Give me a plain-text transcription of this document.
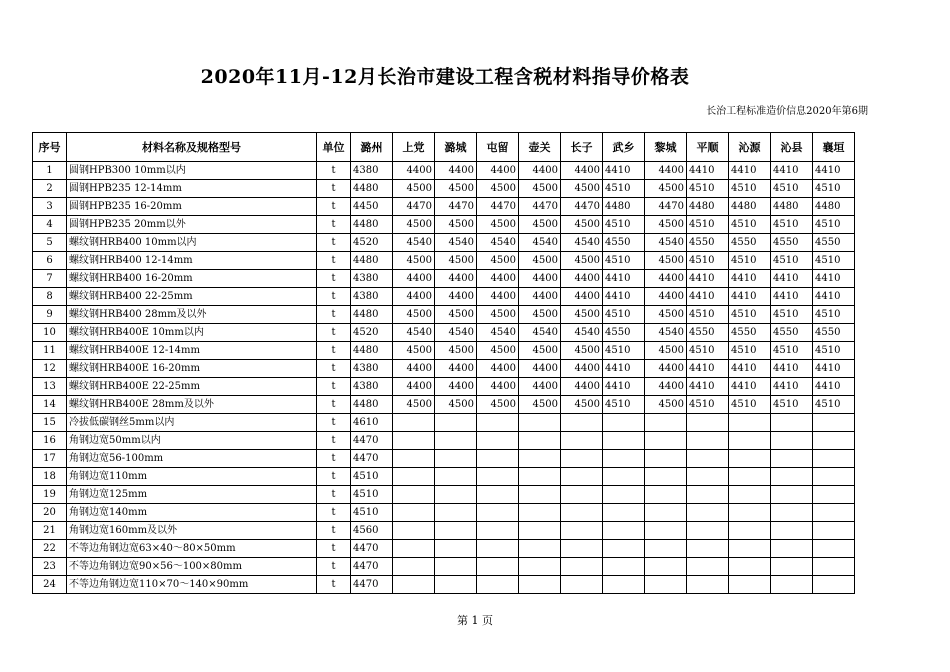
2020年11月-12月长治市建设工程含税材料指导价格表
长治工程标准造价信息2020年第6期
序号	材料名称及规格型号	单位	潞州	上党	潞城	屯留	壶关	长子	武乡	黎城	平顺	沁源	沁县	襄垣
1	圆钢HPB300 10mm以内	t	4380	4400	4400	4400	4400	4400	4410	4400	4410	4410	4410	4410
2	圆钢HPB235 12-14mm	t	4480	4500	4500	4500	4500	4500	4510	4500	4510	4510	4510	4510
3	圆钢HPB235 16-20mm	t	4450	4470	4470	4470	4470	4470	4480	4470	4480	4480	4480	4480
4	圆钢HPB235 20mm以外	t	4480	4500	4500	4500	4500	4500	4510	4500	4510	4510	4510	4510
5	螺纹钢HRB400 10mm以内	t	4520	4540	4540	4540	4540	4540	4550	4540	4550	4550	4550	4550
6	螺纹钢HRB400 12-14mm	t	4480	4500	4500	4500	4500	4500	4510	4500	4510	4510	4510	4510
7	螺纹钢HRB400 16-20mm	t	4380	4400	4400	4400	4400	4400	4410	4400	4410	4410	4410	4410
8	螺纹钢HRB400 22-25mm	t	4380	4400	4400	4400	4400	4400	4410	4400	4410	4410	4410	4410
9	螺纹钢HRB400 28mm及以外	t	4480	4500	4500	4500	4500	4500	4510	4500	4510	4510	4510	4510
10	螺纹钢HRB400E 10mm以内	t	4520	4540	4540	4540	4540	4540	4550	4540	4550	4550	4550	4550
11	螺纹钢HRB400E 12-14mm	t	4480	4500	4500	4500	4500	4500	4510	4500	4510	4510	4510	4510
12	螺纹钢HRB400E 16-20mm	t	4380	4400	4400	4400	4400	4400	4410	4400	4410	4410	4410	4410
13	螺纹钢HRB400E 22-25mm	t	4380	4400	4400	4400	4400	4400	4410	4400	4410	4410	4410	4410
14	螺纹钢HRB400E 28mm及以外	t	4480	4500	4500	4500	4500	4500	4510	4500	4510	4510	4510	4510
15	冷拔低碳钢丝5mm以内	t	4610											
16	角钢边宽50mm以内	t	4470											
17	角钢边宽56-100mm	t	4470											
18	角钢边宽110mm	t	4510											
19	角钢边宽125mm	t	4510											
20	角钢边宽140mm	t	4510											
21	角钢边宽160mm及以外	t	4560											
22	不等边角钢边宽63×40～80×50mm	t	4470											
23	不等边角钢边宽90×56～100×80mm	t	4470											
24	不等边角钢边宽110×70～140×90mm	t	4470											
第 1 页
